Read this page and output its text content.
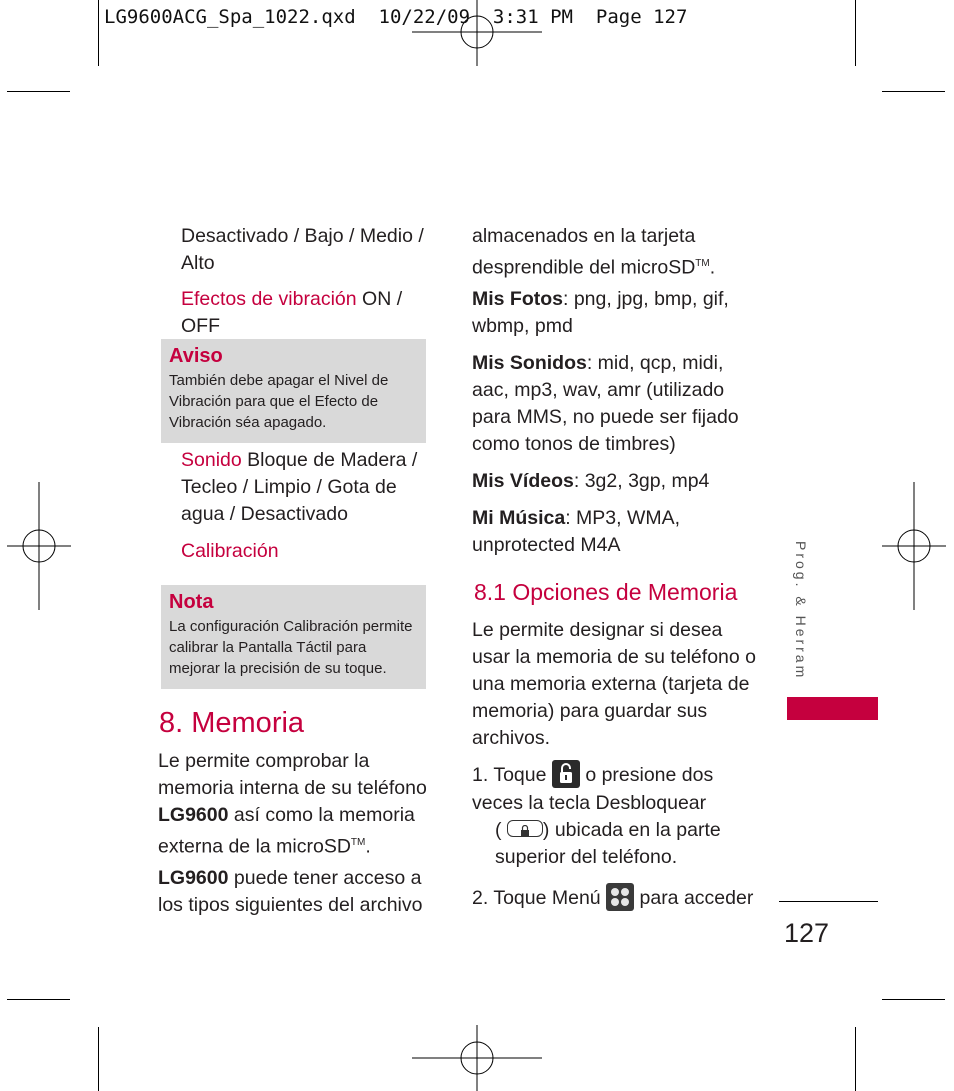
LG9600ACG_Spa_1022.qxd  10/22/09  3:31 PM  Page 127

Desactivado / Bajo / Medio / Alto

Efectos de vibración ON / OFF

Aviso

También debe apagar el Nivel de Vibración para que el Efecto de Vibración séa apagado.

Sonido Bloque de Madera / Tecleo / Limpio / Gota de agua / Desactivado

Calibración

Nota

La configuración Calibración permite calibrar la Pantalla Táctil para mejorar la precisión de su toque.

8. Memoria

Le permite comprobar la memoria interna de su teléfono LG9600 así como la memoria externa de la microSD™.

LG9600 puede tener acceso a los tipos siguientes del archivo

almacenados en la tarjeta desprendible del microSD™.

Mis Fotos: png, jpg, bmp, gif, wbmp, pmd

Mis Sonidos: mid, qcp, midi, aac, mp3, wav, amr (utilizado para MMS, no puede ser fijado como tonos de timbres)

Mis Vídeos: 3g2, 3gp, mp4

Mi Música: MP3, WMA, unprotected M4A

8.1 Opciones de Memoria

Le permite designar si desea usar la memoria de su teléfono o una memoria externa (tarjeta de memoria) para guardar sus archivos.

1. Toque o presione dos veces la tecla Desbloquear

( ) ubicada en la parte superior del teléfono.

2. Toque Menú para acceder

Prog. & Herram
127
